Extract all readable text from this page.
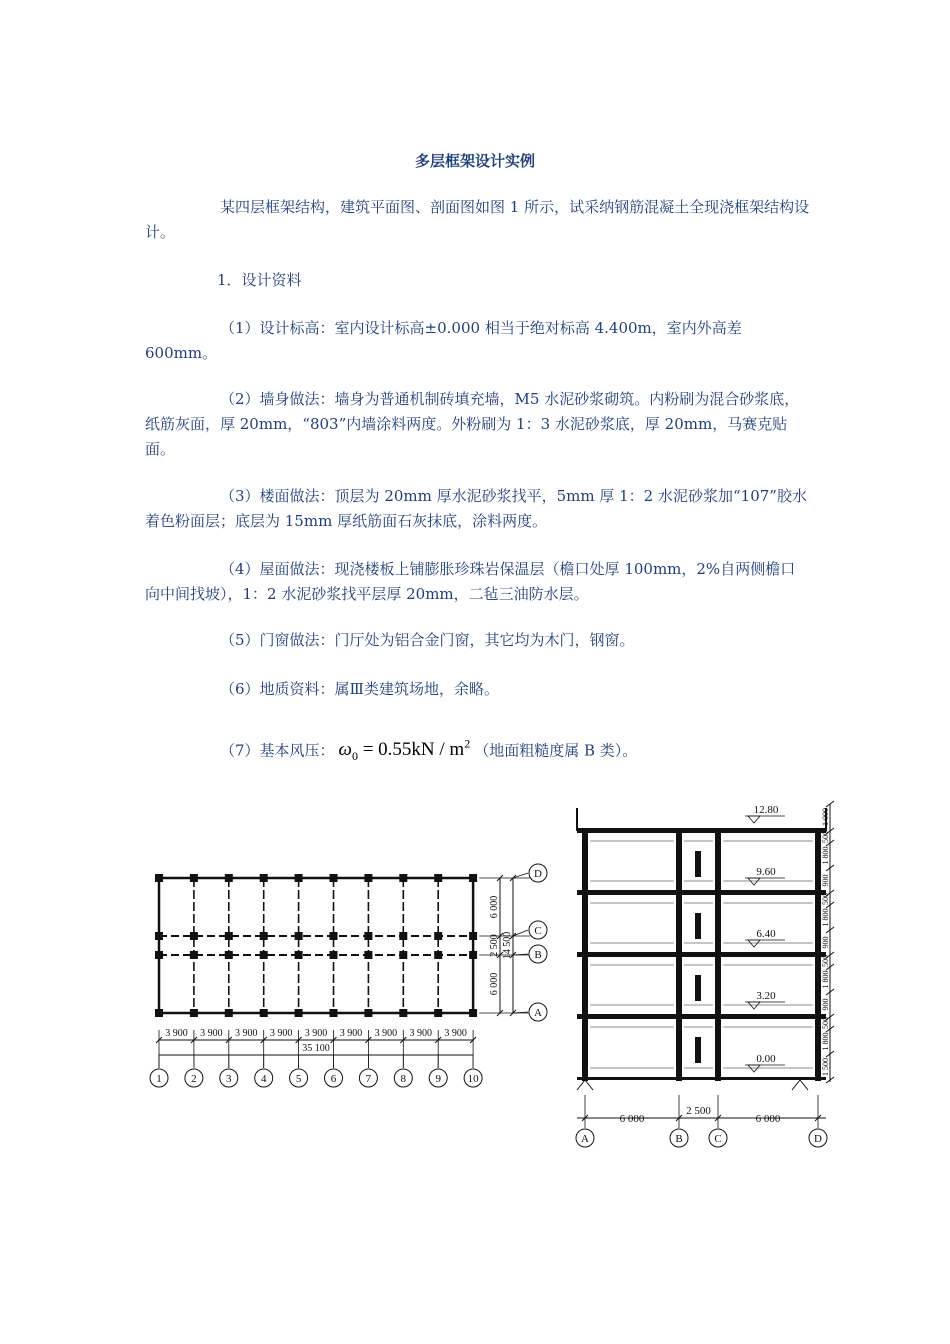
多层框架设计实例

某四层框架结构，建筑平面图、剖面图如图 1 所示，试采纳钢筋混凝土全现浇框架结构设计。

1．设计资料

（1）设计标高：室内设计标高±0.000 相当于绝对标高 4.400m，室内外高差 600mm。

（2）墙身做法：墙身为普通机制砖填充墙，M5 水泥砂浆砌筑。内粉刷为混合砂浆底，纸筋灰面，厚 20mm，“803”内墙涂料两度。外粉刷为 1：3 水泥砂浆底，厚 20mm，马赛克贴面。

（3）楼面做法：顶层为 20mm 厚水泥砂浆找平，5mm 厚 1：2 水泥砂浆加“107”胶水着色粉面层；底层为 15mm 厚纸筋面石灰抹底，涂料两度。

（4）屋面做法：现浇楼板上铺膨胀珍珠岩保温层（檐口处厚 100mm，2%自两侧檐口向中间找坡），1：2 水泥砂浆找平层厚 20mm，二毡三油防水层。

（5）门窗做法：门厅处为铝合金门窗，其它均为木门，钢窗。

（6）地质资料：属Ⅲ类建筑场地，余略。

（7）基本风压： $\omega_0 = 0.55kN / m^2$ （地面粗糙度属 B 类）。

3 900 3 900 3 900 3 900 3 900 3 900 3 900 3 900 3 900
35 100
1	2	3	4	5	6	7	8	9 10
6 000
2 500
6 000
14 500
D
C
B
A
12.80
9.60
6.40
3.20
0.00
6 000
2 500
6 000
A	B	C	D
1 000
500
1 800
900
500
1 800
900
500
1 800
900
500
1 800
1 500
